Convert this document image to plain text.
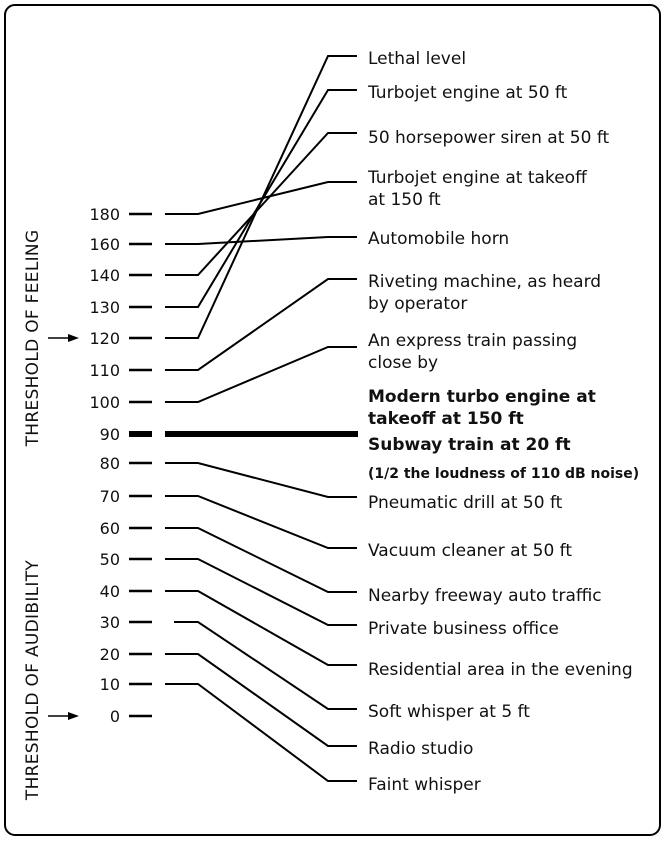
THRESHOLD OF FEELING
THRESHOLD OF AUDIBILITY
180
160
140
130
120
110
100
90
80
70
60
50
40
30
20
10
0
Lethal level
Turbojet engine at 50 ft
50 horsepower siren at 50 ft
Turbojet engine at takeoff at 150 ft
Automobile horn
Riveting machine, as heard by operator
An express train passing close by
Modern turbo engine at takeoff at 150 ft
Subway train at 20 ft
Pneumatic drill at 50 ft
Vacuum cleaner at 50 ft
Nearby freeway auto traffic
Private business office
Residential area in the evening
Soft whisper at 5 ft
Radio studio
Faint whisper
(1/2 the loudness of 110 dB noise)
